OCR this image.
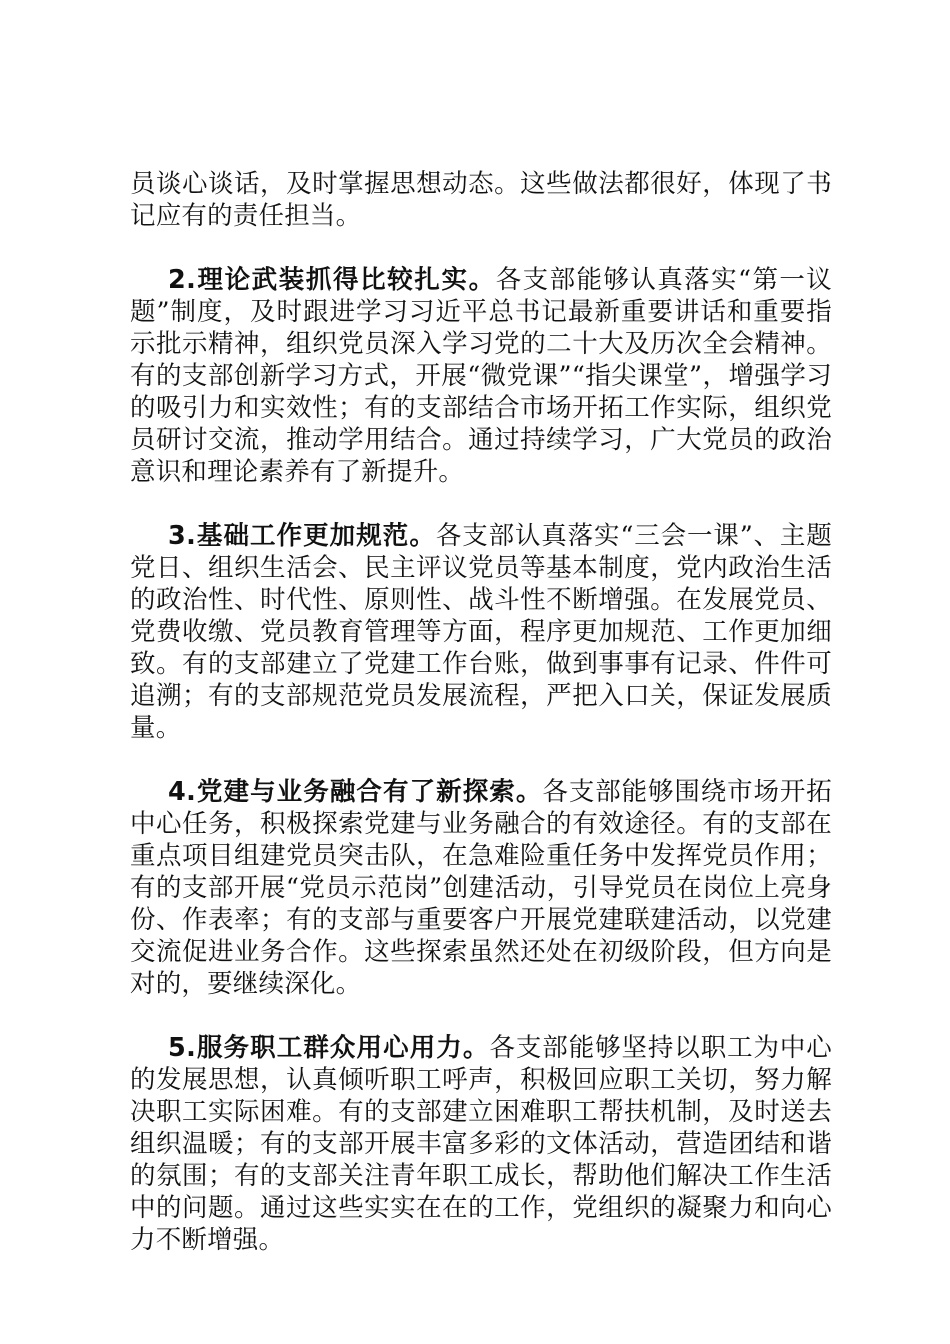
员谈心谈话，及时掌握思想动态。这些做法都很好，体现了书记应有的责任担当。

2.理论武装抓得比较扎实。各支部能够认真落实“第一议题”制度，及时跟进学习习近平总书记最新重要讲话和重要指示批示精神，组织党员深入学习党的二十大及历次全会精神。有的支部创新学习方式，开展“微党课”“指尖课堂”，增强学习的吸引力和实效性；有的支部结合市场开拓工作实际，组织党员研讨交流，推动学用结合。通过持续学习，广大党员的政治意识和理论素养有了新提升。

3.基础工作更加规范。各支部认真落实“三会一课”、主题党日、组织生活会、民主评议党员等基本制度，党内政治生活的政治性、时代性、原则性、战斗性不断增强。在发展党员、党费收缴、党员教育管理等方面，程序更加规范、工作更加细致。有的支部建立了党建工作台账，做到事事有记录、件件可追溯；有的支部规范党员发展流程，严把入口关，保证发展质量。

4.党建与业务融合有了新探索。各支部能够围绕市场开拓中心任务，积极探索党建与业务融合的有效途径。有的支部在重点项目组建党员突击队，在急难险重任务中发挥党员作用；有的支部开展“党员示范岗”创建活动，引导党员在岗位上亮身份、作表率；有的支部与重要客户开展党建联建活动，以党建交流促进业务合作。这些探索虽然还处在初级阶段，但方向是对的，要继续深化。

5.服务职工群众用心用力。各支部能够坚持以职工为中心的发展思想，认真倾听职工呼声，积极回应职工关切，努力解决职工实际困难。有的支部建立困难职工帮扶机制，及时送去组织温暖；有的支部开展丰富多彩的文体活动，营造团结和谐的氛围；有的支部关注青年职工成长，帮助他们解决工作生活中的问题。通过这些实实在在的工作，党组织的凝聚力和向心力不断增强。
